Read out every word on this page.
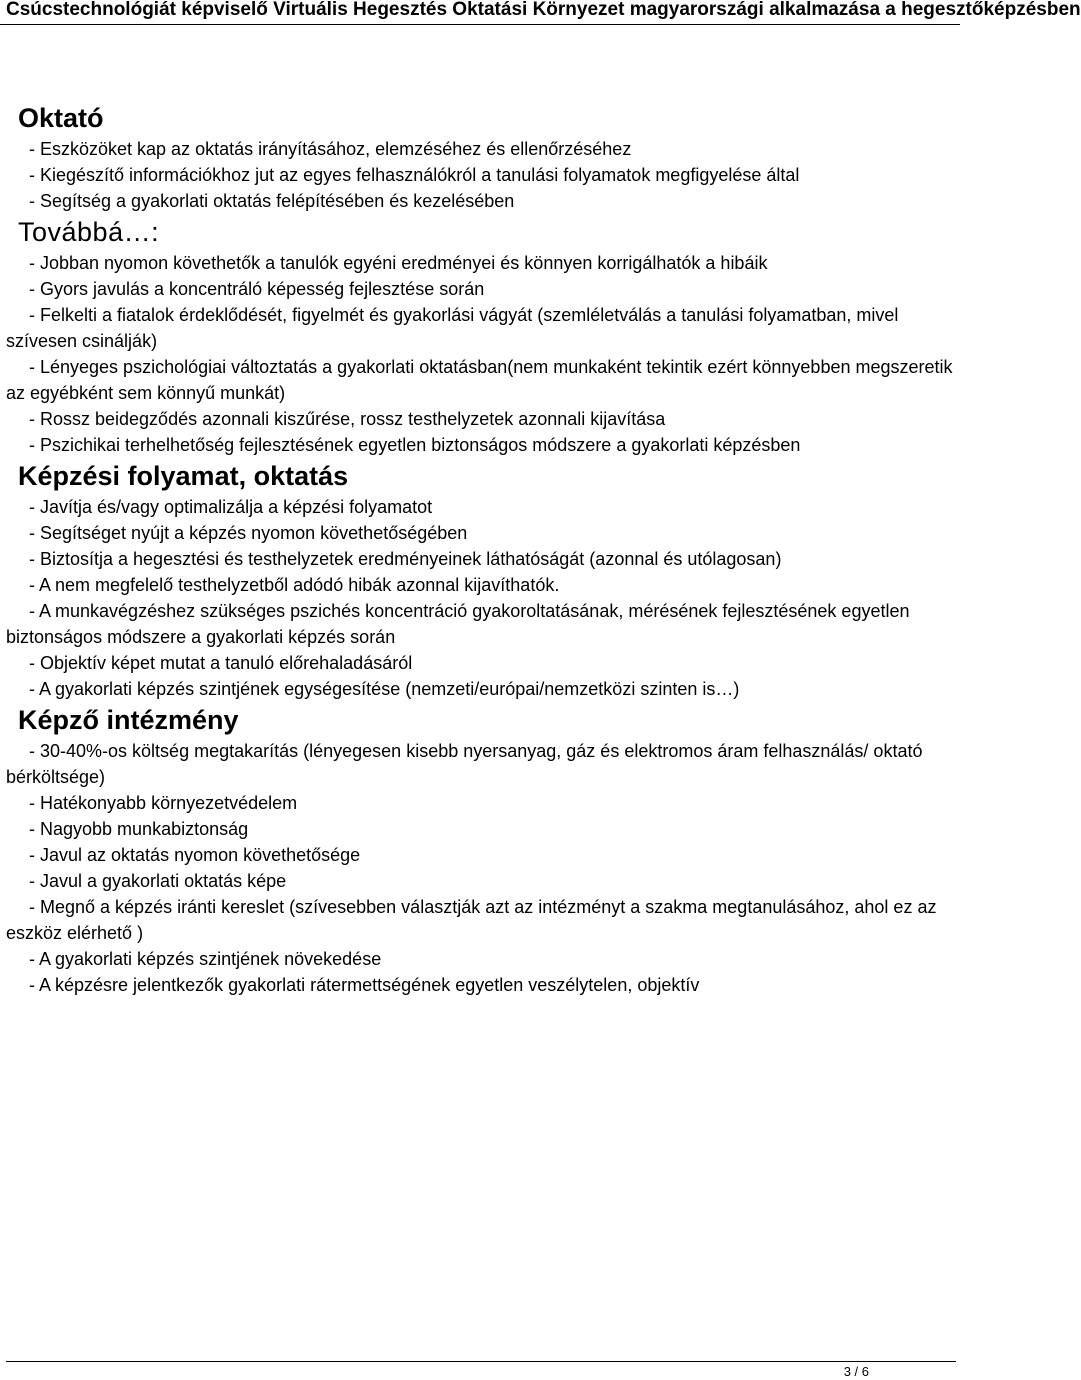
Csúcstechnológiát képviselő Virtuális Hegesztés Oktatási Környezet magyarországi alkalmazása a hegesztőképzésben
Oktató
- Eszközöket kap az oktatás irányításához, elemzéséhez és ellenőrzéséhez
- Kiegészítő információkhoz jut az egyes felhasználókról a tanulási folyamatok megfigyelése által
- Segítség a gyakorlati oktatás felépítésében és kezelésében
Továbbá…:
- Jobban nyomon követhetők a tanulók egyéni eredményei és könnyen korrigálhatók a hibáik
- Gyors javulás a koncentráló képesség fejlesztése során
- Felkelti a fiatalok érdeklődését, figyelmét és gyakorlási vágyát (szemléletválás a tanulási folyamatban, mivel szívesen csinálják)
- Lényeges pszichológiai változtatás a gyakorlati oktatásban(nem munkaként tekintik ezért könnyebben megszeretik az egyébként sem könnyű munkát)
- Rossz beidegződés azonnali kiszűrése, rossz testhelyzetek azonnali kijavítása
- Pszichikai terhelhetőség fejlesztésének egyetlen biztonságos módszere a gyakorlati képzésben
Képzési folyamat, oktatás
- Javítja és/vagy optimalizálja a képzési folyamatot
- Segítséget nyújt a képzés nyomon követhetőségében
- Biztosítja a hegesztési és testhelyzetek eredményeinek láthatóságát (azonnal és utólagosan)
- A nem megfelelő testhelyzetből adódó hibák azonnal kijavíthatók.
- A munkavégzéshez szükséges pszichés koncentráció gyakoroltatásának, mérésének fejlesztésének egyetlen biztonságos módszere a gyakorlati képzés során
- Objektív képet mutat a tanuló előrehaladásáról
- A gyakorlati képzés szintjének egységesítése (nemzeti/európai/nemzetközi szinten is…)
Képző intézmény
- 30-40%-os költség megtakarítás (lényegesen kisebb nyersanyag, gáz és elektromos áram felhasználás/ oktató bérköltsége)
- Hatékonyabb környezetvédelem
- Nagyobb munkabiztonság
- Javul az oktatás nyomon követhetősége
- Javul a gyakorlati oktatás képe
- Megnő a képzés iránti kereslet (szívesebben választják azt az intézményt a szakma megtanulásához, ahol ez az eszköz elérhető )
- A gyakorlati képzés szintjének növekedése
- A képzésre jelentkezők gyakorlati rátermettségének egyetlen veszélytelen, objektív
3 / 6
